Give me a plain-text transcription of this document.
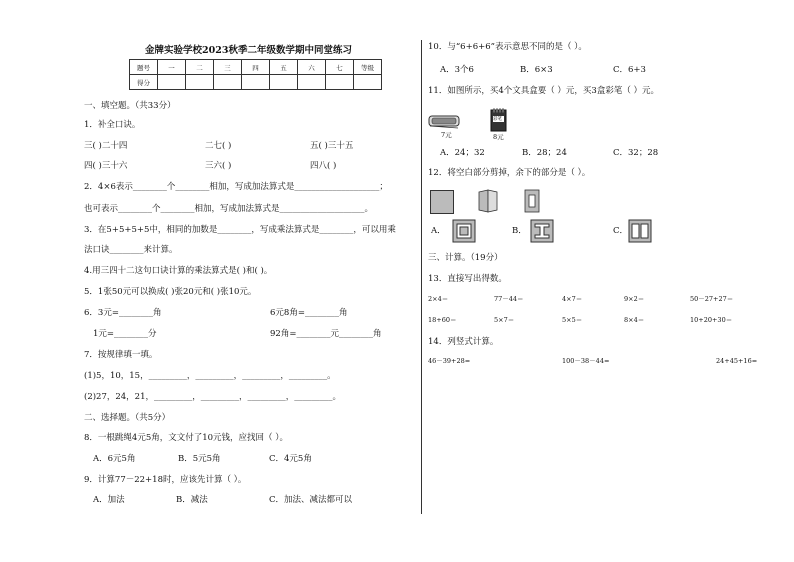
金牌实验学校2023秋季二年级数学期中同堂练习
题号	一	二	三	四	五	六	七	等级
得分								
一、填空题。（共33分）
1．补全口诀。
三( )二十四	二七( )	五( )三十五
四( )三十六	三六( )	四八( )
2．4×6表示________个________相加，写成加法算式是____________________；
也可表示________个________相加，写成加法算式是____________________。
3．在5+5+5+5中，相同的加数是________，写成乘法算式是________，可以用乘
法口诀________来计算。
4.用三四十二这句口诀计算的乘法算式是( )和( )。
5．1张50元可以换成( )张20元和( )张10元。
6．3元=________角	6元8角=________角
1元=________分	92角=________元________角
7．按规律填一填。
(1)5，10，15，_________，_________，_________，_________。
(2)27，24，21，_________，_________，_________，_________。
二、选择题。（共5分）
8．一根跳绳4元5角，文文付了10元钱，应找回（ ）。
A．6元5角	B．5元5角	C．4元5角
9．计算77－22+18时，应该先计算（ ）。
A．加法	B．减法	C．加法、减法都可以
10．与“6+6+6”表示意思不同的是（ ）。
A．3个6	B．6×3	C．6+3
11．如图所示，买4个文具盒要（ ）元，买3盒彩笔（ ）元。
7元
彩笔
8元
A．24；32	B．28；24	C．32；28
12．将空白部分剪掉，余下的部分是（ ）。
A．	B．	C．
三、计算。（19分）
13．直接写出得数。
2×4＝	77－44＝	4×7＝	9×2＝	50－27+27＝
18+60＝	5×7＝	5×5＝	8×4＝	10+20+30＝
14．列竖式计算。
46－39+28=	100－38－44=	24+45+16=
